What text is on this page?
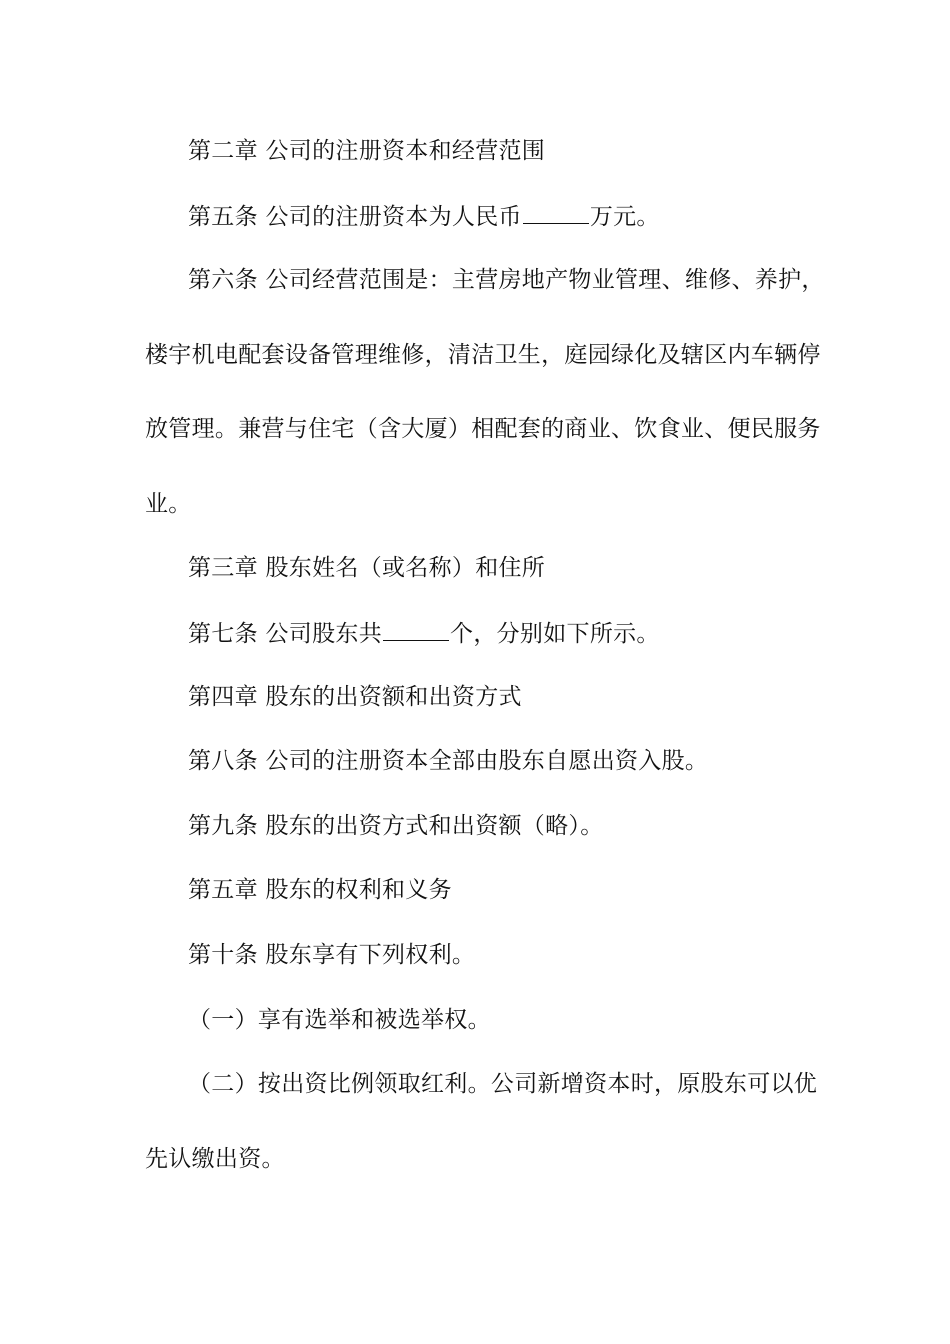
第二章 公司的注册资本和经营范围
第五条 公司的注册资本为人民币	万元。
第六条 公司经营范围是：主营房地产物业管理、维修、养护，
楼宇机电配套设备管理维修，清洁卫生，庭园绿化及辖区内车辆停
放管理。兼营与住宅（含大厦）相配套的商业、饮食业、便民服务
业。
第三章 股东姓名（或名称）和住所
第七条 公司股东共	个，分别如下所示。
第四章 股东的出资额和出资方式
第八条 公司的注册资本全部由股东自愿出资入股。
第九条 股东的出资方式和出资额（略）。
第五章 股东的权利和义务
第十条 股东享有下列权利。
（一）享有选举和被选举权。
（二）按出资比例领取红利。公司新增资本时，原股东可以优
先认缴出资。
